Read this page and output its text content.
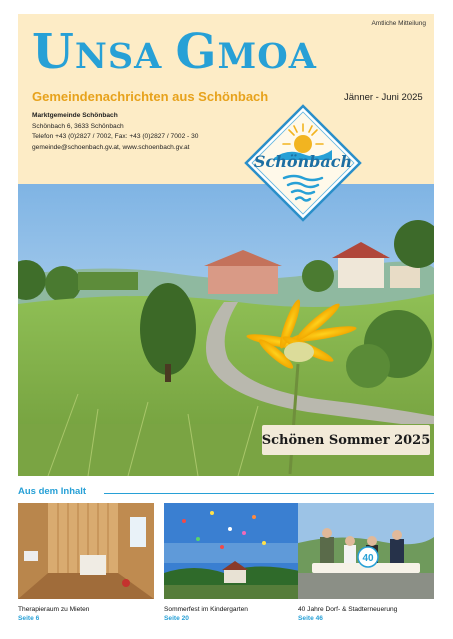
Amtliche Mitteilung
UNSA GMOA
Gemeindenachrichten aus Schönbach	Jänner - Juni 2025
Marktgemeinde Schönbach
Schönbach 6, 3633 Schönbach
Telefon +43 (0)2827 / 7002, Fax: +43 (0)2827 / 7002 - 30
gemeinde@schoenbach.gv.at, www.schoenbach.gv.at
Schönbach
Schönen Sommer 2025
Aus dem Inhalt
Therapieraum zu Mieten
Seite 6
Sommerfest im Kindergarten
Seite 20
40
40 Jahre Dorf- & Stadterneuerung
Seite 46
